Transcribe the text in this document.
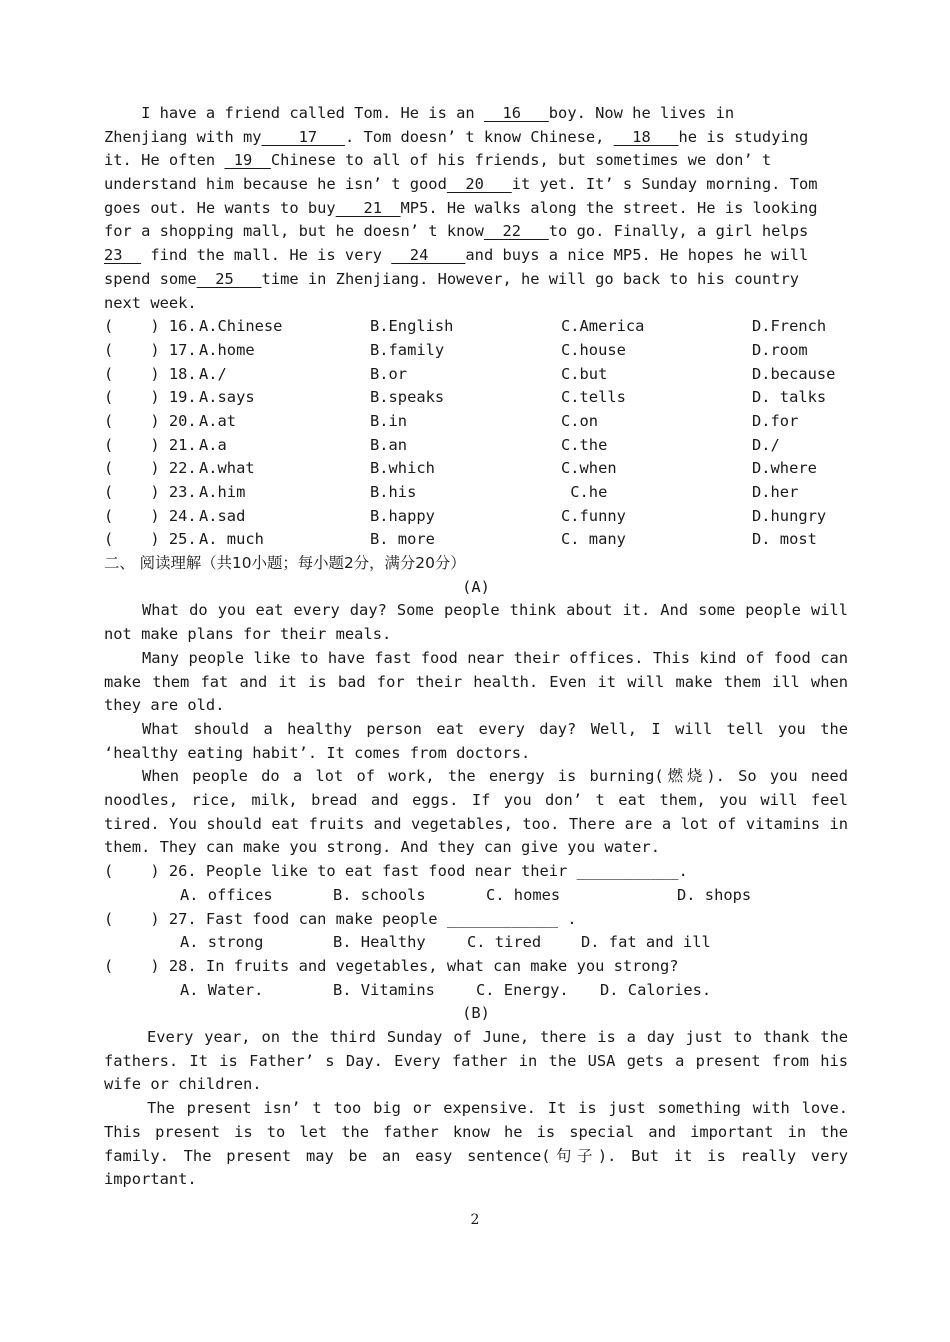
I have a friend called Tom. He is an   16   boy. Now he lives in
Zhenjiang with my    17   . Tom doesn’ t know Chinese,   18   he is studying
it. He often  19  Chinese to all of his friends, but sometimes we don’ t
understand him because he isn’ t good  20   it yet. It’ s Sunday morning. Tom
goes out. He wants to buy   21  MP5. He walks along the street. He is looking
for a shopping mall, but he doesn’ t know  22   to go. Finally, a girl helps
23   find the mall. He is very   24    and buys a nice MP5. He hopes he will
spend some  25   time in Zhenjiang. However, he will go back to his country
next week.
(    ) 16. A.Chinese	B.English	C.America	D.French
(    ) 17. A.home	B.family	C.house	D.room
(    ) 18. A./	B.or	C.but	D.because
(    ) 19. A.says	B.speaks	C.tells	D. talks
(    ) 20. A.at	B.in	C.on	D.for
(    ) 21. A.a	B.an	C.the	D./
(    ) 22. A.what	B.which	C.when	D.where
(    ) 23. A.him	B.his	C.he	D.her
(    ) 24. A.sad	B.happy	C.funny	D.hungry
(    ) 25. A. much	B. more	C. many	D. most
二、 阅读理解（共10小题；每小题2分，满分20分）
(A)
What do you eat every day? Some people think about it. And some people will not make plans for their meals.
Many people like to have fast food near their offices. This kind of food can make them fat and it is bad for their health. Even it will make them ill when they are old.
What should a healthy person eat every day? Well, I will tell you the ‘healthy eating habit’. It comes from doctors.
When people do a lot of work, the energy is burning(燃烧). So you need noodles, rice, milk, bread and eggs. If you don’ t eat them, you will feel tired. You should eat fruits and vegetables, too. There are a lot of vitamins in them. They can make you strong. And they can give you water.
(    ) 26. People like to eat fast food near their ___________.
A. offices	B. schools	C. homes	D. shops
(    ) 27. Fast food can make people ____________ .
A. strong	B. Healthy	C. tired	D. fat and ill
(    ) 28. In fruits and vegetables, what can make you strong?
A. Water.	B. Vitamins	C. Energy.	D. Calories.
(B)
Every year, on the third Sunday of June, there is a day just to thank the fathers. It is Father’ s Day. Every father in the USA gets a present from his wife or children.
The present isn’ t too big or expensive. It is just something with love. This present is to let the father know he is special and important in the family. The present may be an easy sentence(句子). But it is really very important.
2
